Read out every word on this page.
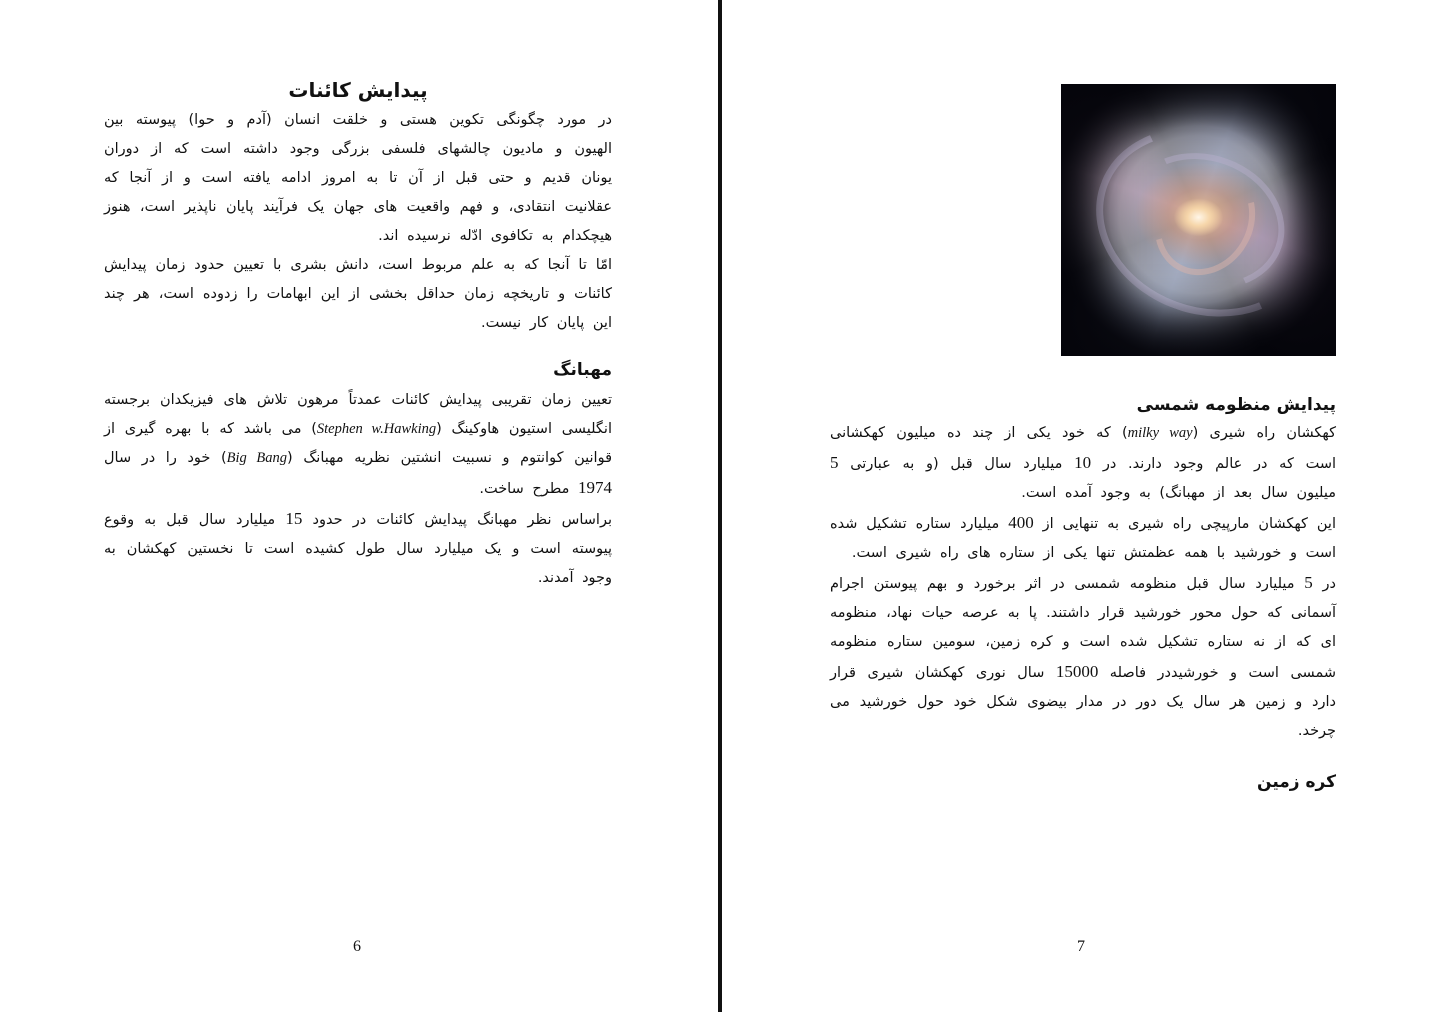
پیدایش کائنات

در مورد چگونگی تکوین هستی و خلقت انسان (آدم و حوا) پیوسته بین الهیون و مادیون چالشهای فلسفی بزرگی وجود داشته است که از دوران یونان قدیم و حتی قبل از آن تا به امروز ادامه یافته است و از آنجا که عقلانیت انتقادی، و فهم واقعیت های جهان یک فرآیند پایان ناپذیر است، هنوز هیچکدام به تکافوی ادّله نرسیده اند.

امّا تا آنجا که به علم مربوط است، دانش بشری با تعیین حدود زمان پیدایش کائنات و تاریخچه زمان حداقل بخشی از این ابهامات را زدوده است، هر چند این پایان کار نیست.

مهبانگ

تعیین زمان تقریبی پیدایش کائنات عمدتاً مرهون تلاش های فیزیکدان برجسته انگلیسی استیون هاوکینگ (Stephen w.Hawking) می باشد که با بهره گیری از قوانین کوانتوم و نسبیت انشتین نظریه مهبانگ (Big Bang) خود را در سال 1974 مطرح ساخت.

براساس نظر مهبانگ پیدایش کائنات در حدود 15 میلیارد سال قبل به وقوع پیوسته است و یک میلیارد سال طول کشیده است تا نخستین کهکشان به وجود آمدند.

پیدایش منظومه شمسی

کهکشان راه شیری (milky way) که خود یکی از چند ده میلیون کهکشانی است که در عالم وجود دارند. در 10 میلیارد سال قبل (و به عبارتی 5 میلیون سال بعد از مهبانگ) به وجود آمده است.

این کهکشان مارپیچی راه شیری به تنهایی از 400 میلیارد ستاره تشکیل شده است و خورشید با همه عظمتش تنها یکی از ستاره های راه شیری است.

در 5 میلیارد سال قبل منظومه شمسی در اثر برخورد و بهم پیوستن اجرام آسمانی که حول محور خورشید قرار داشتند. پا به عرصه حیات نهاد، منظومه ای که از نه ستاره تشکیل شده است و کره زمین، سومین ستاره منظومه شمسی است و خورشیددر فاصله 15000 سال نوری کهکشان شیری قرار دارد و زمین هر سال یک دور در مدار بیضوی شکل خود حول خورشید می چرخد.

کره زمین
6	7
